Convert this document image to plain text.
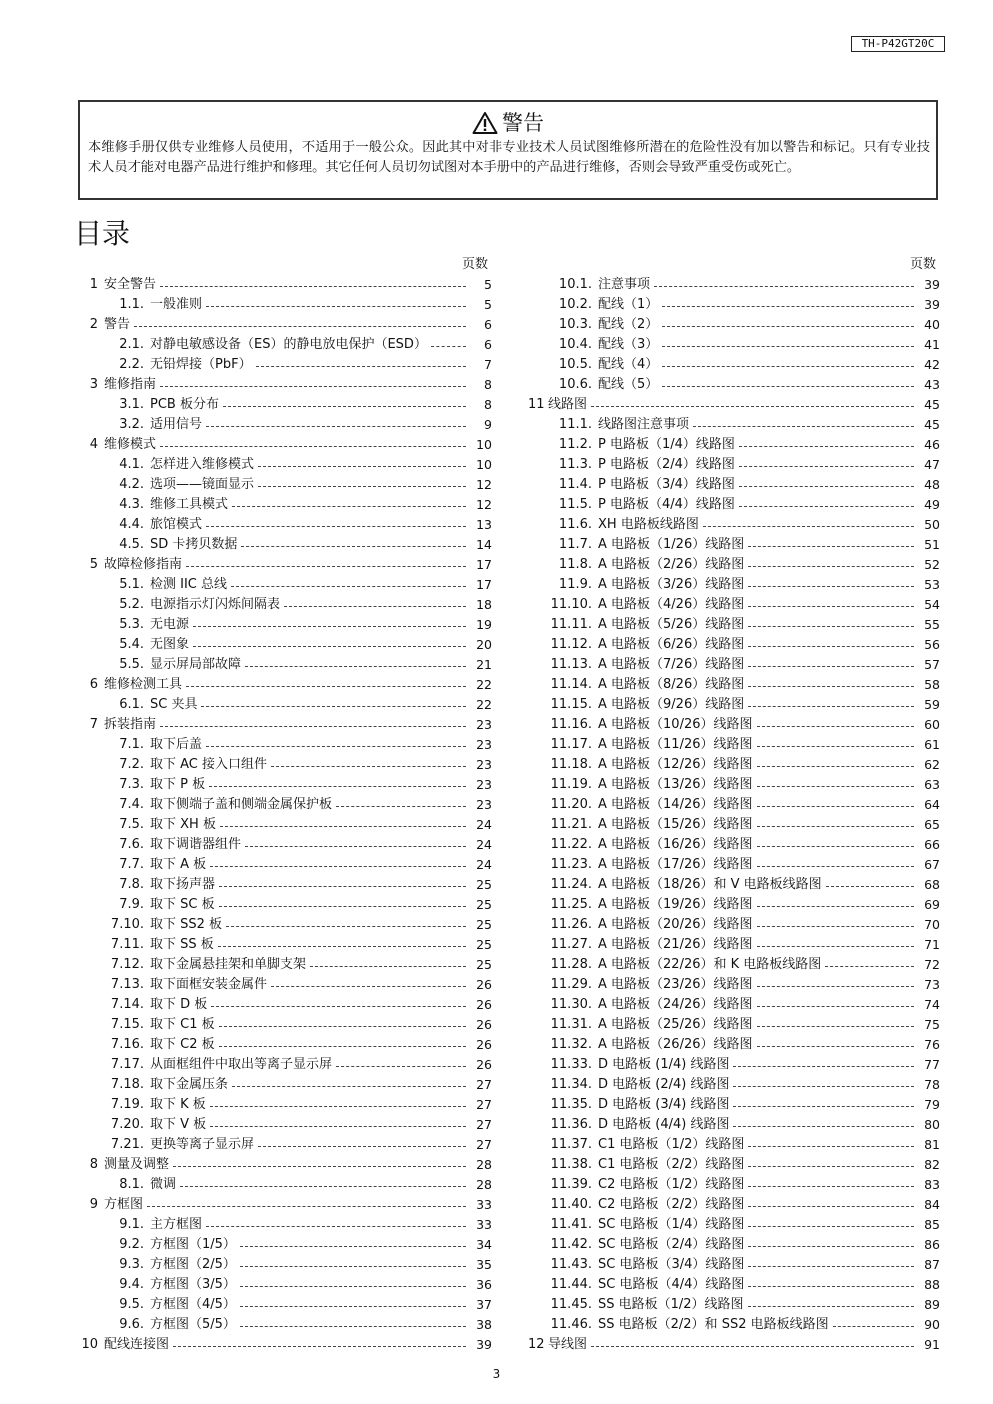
TH-P42GT20C
警告
本维修手册仅供专业维修人员使用，不适用于一般公众。因此其中对非专业技术人员试图维修所潜在的危险性没有加以警告和标记。只有专业技术人员才能对电器产品进行维护和修理。其它任何人员切勿试图对本手册中的产品进行维修，否则会导致严重受伤或死亡。
目录
页数
1 安全警告	5
1.1. 一般准则	5
2 警告	6
2.1. 对静电敏感设备（ES）的静电放电保护（ESD）	6
2.2. 无铅焊接（PbF）	7
3 维修指南	8
3.1. PCB 板分布	8
3.2. 适用信号	9
4 维修模式	10
4.1. 怎样进入维修模式	10
4.2. 选项——镜面显示	12
4.3. 维修工具模式	12
4.4. 旅馆模式	13
4.5. SD 卡拷贝数据	14
5 故障检修指南	17
5.1. 检测 IIC 总线	17
5.2. 电源指示灯闪烁间隔表	18
5.3. 无电源	19
5.4. 无图象	20
5.5. 显示屏局部故障	21
6 维修检测工具	22
6.1. SC 夹具	22
7 拆装指南	23
7.1. 取下后盖	23
7.2. 取下 AC 接入口组件	23
7.3. 取下 P 板	23
7.4. 取下侧端子盖和侧端金属保护板	23
7.5. 取下 XH 板	24
7.6. 取下调谐器组件	24
7.7. 取下 A 板	24
7.8. 取下扬声器	25
7.9. 取下 SC 板	25
7.10. 取下 SS2 板	25
7.11. 取下 SS 板	25
7.12. 取下金属悬挂架和单脚支架	25
7.13. 取下面框安装金属件	26
7.14. 取下 D 板	26
7.15. 取下 C1 板	26
7.16. 取下 C2 板	26
7.17. 从面框组件中取出等离子显示屏	26
7.18. 取下金属压条	27
7.19. 取下 K 板	27
7.20. 取下 V 板	27
7.21. 更换等离子显示屏	27
8 测量及调整	28
8.1. 微调	28
9 方框图	33
9.1. 主方框图	33
9.2. 方框图（1/5）	34
9.3. 方框图（2/5）	35
9.4. 方框图（3/5）	36
9.5. 方框图（4/5）	37
9.6. 方框图（5/5）	38
10 配线连接图	39
页数
10.1. 注意事项	39
10.2. 配线（1）	39
10.3. 配线（2）	40
10.4. 配线（3）	41
10.5. 配线（4）	42
10.6. 配线（5）	43
11 线路图	45
11.1. 线路图注意事项	45
11.2. P 电路板（1/4）线路图	46
11.3. P 电路板（2/4）线路图	47
11.4. P 电路板（3/4）线路图	48
11.5. P 电路板（4/4）线路图	49
11.6. XH 电路板线路图	50
11.7. A 电路板（1/26）线路图	51
11.8. A 电路板（2/26）线路图	52
11.9. A 电路板（3/26）线路图	53
11.10. A 电路板（4/26）线路图	54
11.11. A 电路板（5/26）线路图	55
11.12. A 电路板（6/26）线路图	56
11.13. A 电路板（7/26）线路图	57
11.14. A 电路板（8/26）线路图	58
11.15. A 电路板（9/26）线路图	59
11.16. A 电路板（10/26）线路图	60
11.17. A 电路板（11/26）线路图	61
11.18. A 电路板（12/26）线路图	62
11.19. A 电路板（13/26）线路图	63
11.20. A 电路板（14/26）线路图	64
11.21. A 电路板（15/26）线路图	65
11.22. A 电路板（16/26）线路图	66
11.23. A 电路板（17/26）线路图	67
11.24. A 电路板（18/26）和 V 电路板线路图	68
11.25. A 电路板（19/26）线路图	69
11.26. A 电路板（20/26）线路图	70
11.27. A 电路板（21/26）线路图	71
11.28. A 电路板（22/26）和 K 电路板线路图	72
11.29. A 电路板（23/26）线路图	73
11.30. A 电路板（24/26）线路图	74
11.31. A 电路板（25/26）线路图	75
11.32. A 电路板（26/26）线路图	76
11.33. D 电路板 (1/4) 线路图	77
11.34. D 电路板 (2/4) 线路图	78
11.35. D 电路板 (3/4) 线路图	79
11.36. D 电路板 (4/4) 线路图	80
11.37. C1 电路板（1/2）线路图	81
11.38. C1 电路板（2/2）线路图	82
11.39. C2 电路板（1/2）线路图	83
11.40. C2 电路板（2/2）线路图	84
11.41. SC 电路板（1/4）线路图	85
11.42. SC 电路板（2/4）线路图	86
11.43. SC 电路板（3/4）线路图	87
11.44. SC 电路板（4/4）线路图	88
11.45. SS 电路板（1/2）线路图	89
11.46. SS 电路板（2/2）和 SS2 电路板线路图	90
12 导线图	91
3
